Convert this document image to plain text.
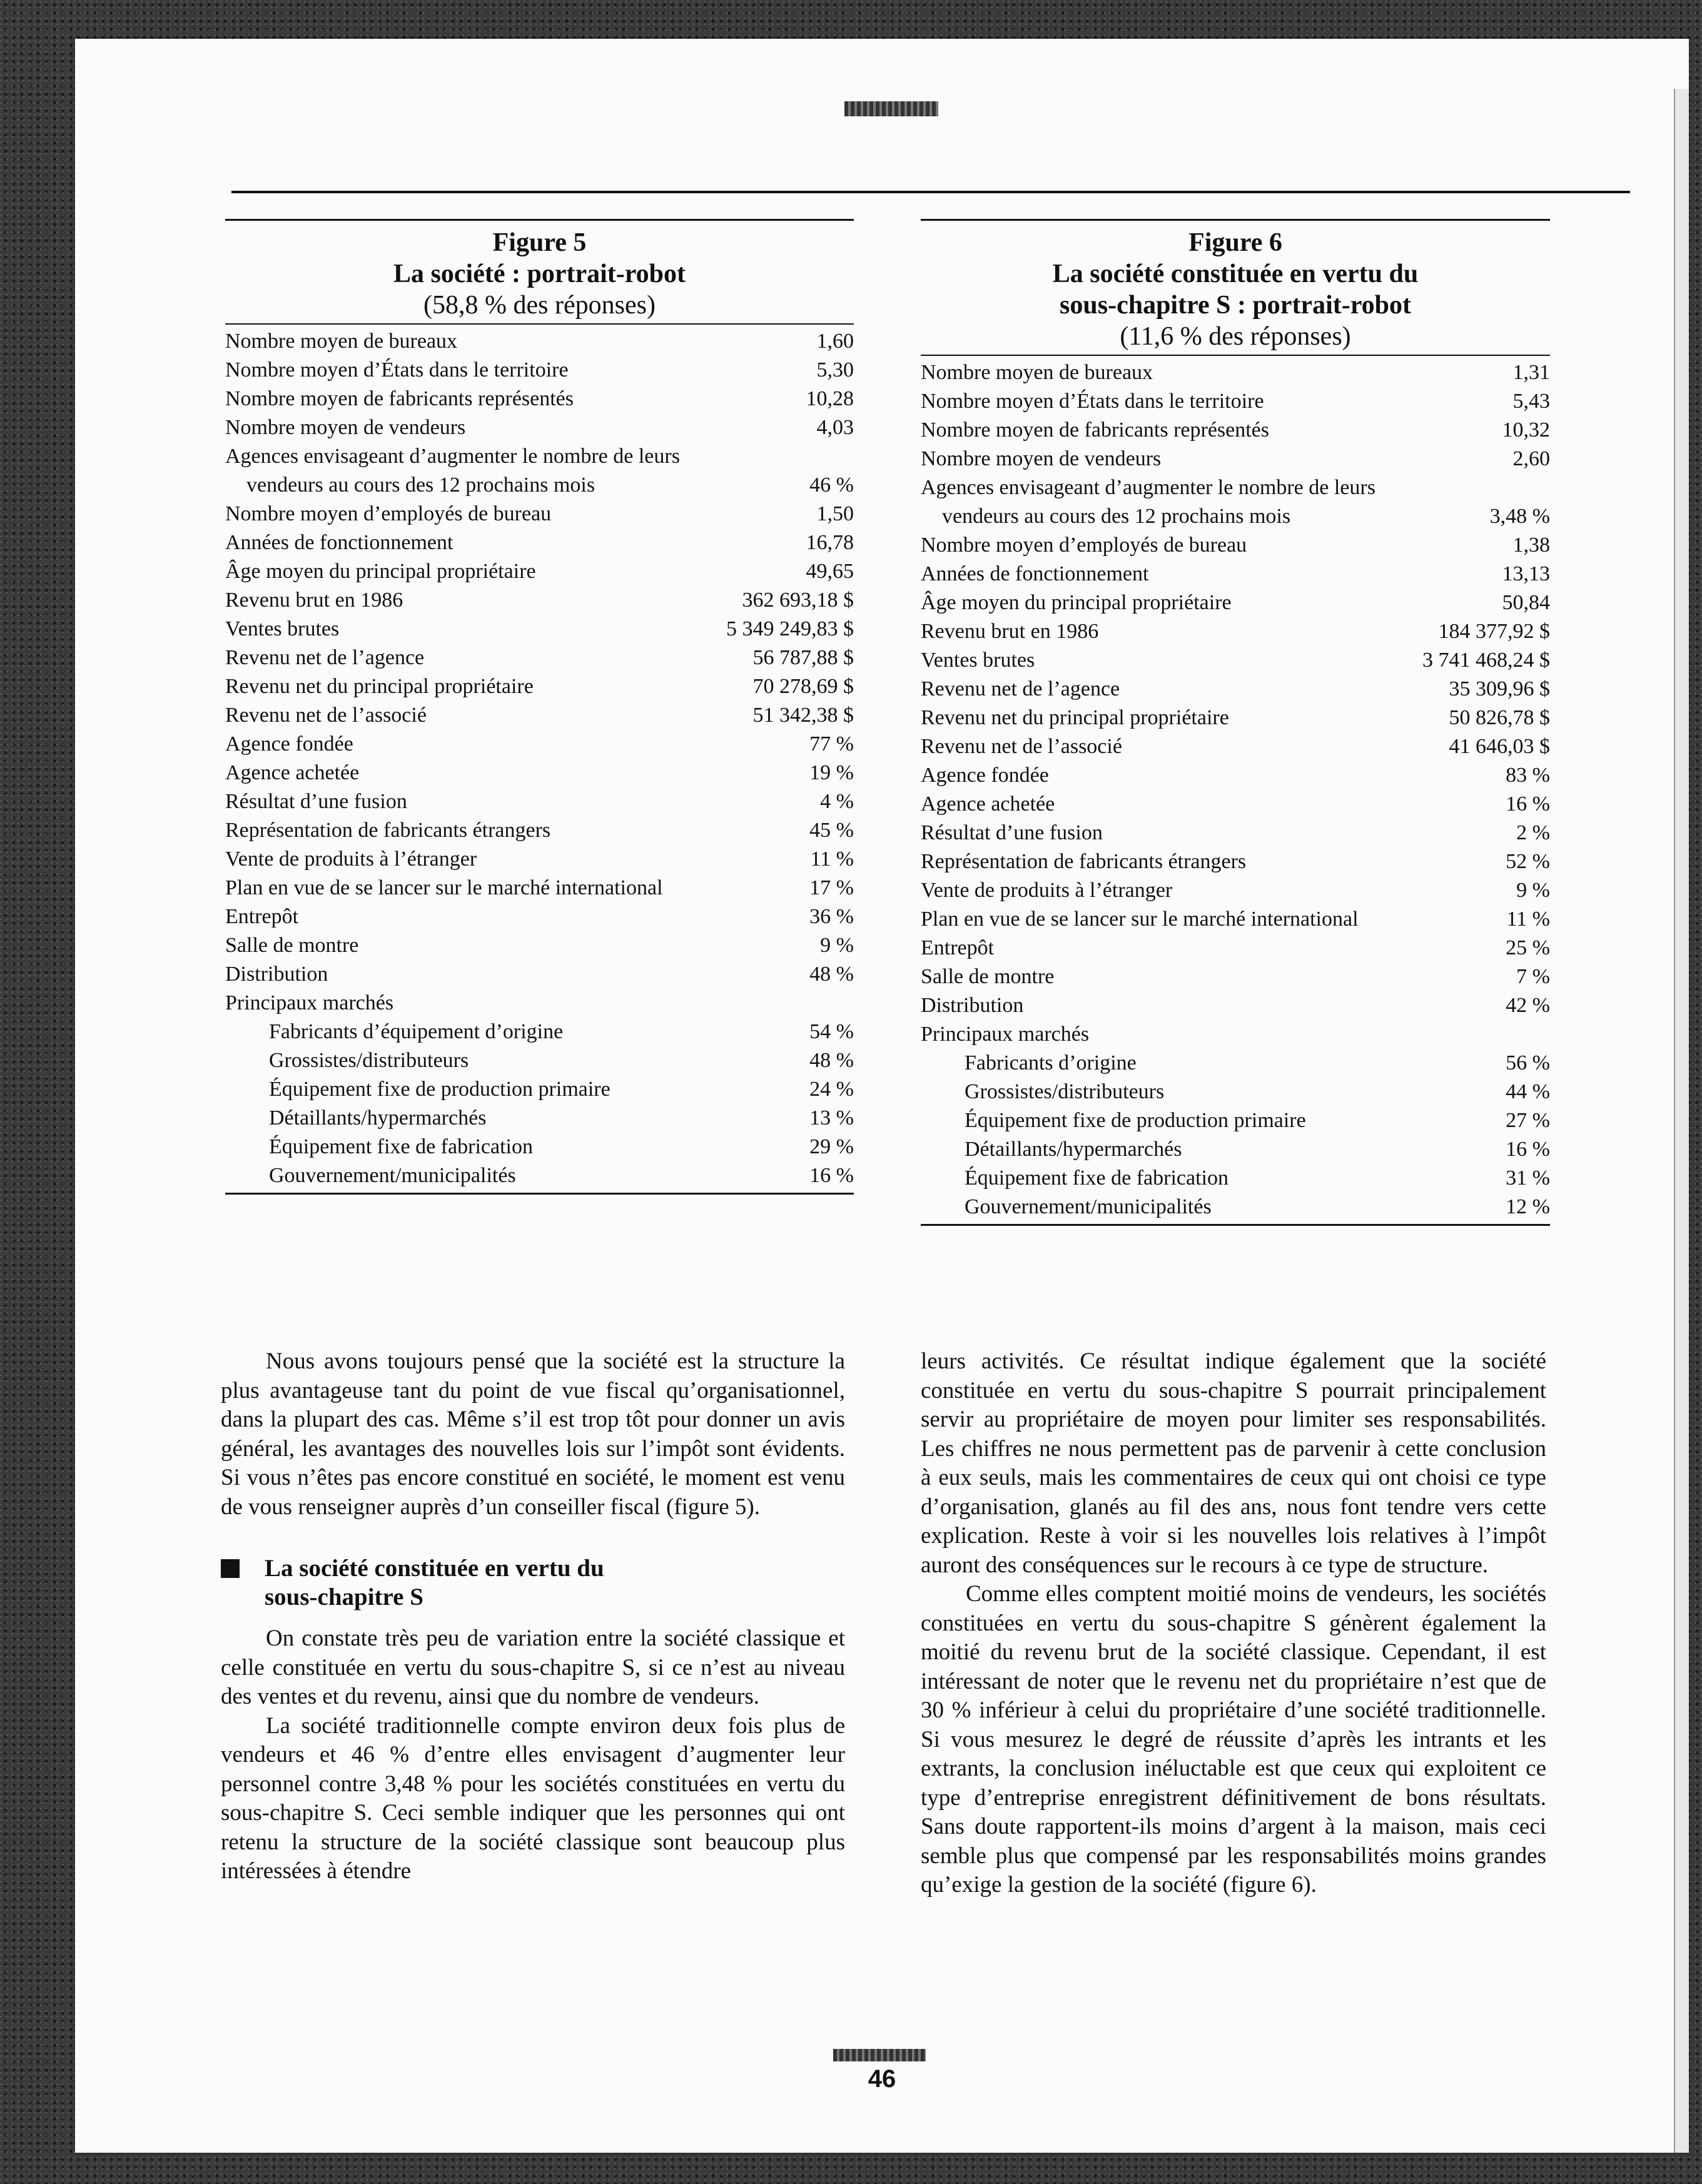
Figure 5
La société : portrait-robot
(58,8 % des réponses)
Nombre moyen de bureaux	1,60
Nombre moyen d’États dans le territoire	5,30
Nombre moyen de fabricants représentés	10,28
Nombre moyen de vendeurs	4,03
Agences envisageant d’augmenter le nombre de leurs	
vendeurs au cours des 12 prochains mois	46 %
Nombre moyen d’employés de bureau	1,50
Années de fonctionnement	16,78
Âge moyen du principal propriétaire	49,65
Revenu brut en 1986	362 693,18 $
Ventes brutes	5 349 249,83 $
Revenu net de l’agence	56 787,88 $
Revenu net du principal propriétaire	70 278,69 $
Revenu net de l’associé	51 342,38 $
Agence fondée	77 %
Agence achetée	19 %
Résultat d’une fusion	4 %
Représentation de fabricants étrangers	45 %
Vente de produits à l’étranger	11 %
Plan en vue de se lancer sur le marché international	17 %
Entrepôt	36 %
Salle de montre	9 %
Distribution	48 %
Principaux marchés	
Fabricants d’équipement d’origine	54 %
Grossistes/distributeurs	48 %
Équipement fixe de production primaire	24 %
Détaillants/hypermarchés	13 %
Équipement fixe de fabrication	29 %
Gouvernement/municipalités	16 %
Figure 6
La société constituée en vertu du
sous-chapitre S : portrait-robot
(11,6 % des réponses)
Nombre moyen de bureaux	1,31
Nombre moyen d’États dans le territoire	5,43
Nombre moyen de fabricants représentés	10,32
Nombre moyen de vendeurs	2,60
Agences envisageant d’augmenter le nombre de leurs	
vendeurs au cours des 12 prochains mois	3,48 %
Nombre moyen d’employés de bureau	1,38
Années de fonctionnement	13,13
Âge moyen du principal propriétaire	50,84
Revenu brut en 1986	184 377,92 $
Ventes brutes	3 741 468,24 $
Revenu net de l’agence	35 309,96 $
Revenu net du principal propriétaire	50 826,78 $
Revenu net de l’associé	41 646,03 $
Agence fondée	83 %
Agence achetée	16 %
Résultat d’une fusion	2 %
Représentation de fabricants étrangers	52 %
Vente de produits à l’étranger	9 %
Plan en vue de se lancer sur le marché international	11 %
Entrepôt	25 %
Salle de montre	7 %
Distribution	42 %
Principaux marchés	
Fabricants d’origine	56 %
Grossistes/distributeurs	44 %
Équipement fixe de production primaire	27 %
Détaillants/hypermarchés	16 %
Équipement fixe de fabrication	31 %
Gouvernement/municipalités	12 %

Nous avons toujours pensé que la société est la structure la plus avantageuse tant du point de vue fiscal qu’organisationnel, dans la plupart des cas. Même s’il est trop tôt pour donner un avis général, les avantages des nouvelles lois sur l’impôt sont évidents. Si vous n’êtes pas encore constitué en société, le moment est venu de vous renseigner auprès d’un conseiller fiscal (figure 5).

La société constituée en vertu du
sous-chapitre S

On constate très peu de variation entre la société classique et celle constituée en vertu du sous-chapitre S, si ce n’est au niveau des ventes et du revenu, ainsi que du nombre de vendeurs.

La société traditionnelle compte environ deux fois plus de vendeurs et 46 % d’entre elles envisagent d’augmenter leur personnel contre 3,48 % pour les sociétés constituées en vertu du sous-chapitre S. Ceci semble indiquer que les personnes qui ont retenu la structure de la société classique sont beaucoup plus intéressées à étendre

leurs activités. Ce résultat indique également que la société constituée en vertu du sous-chapitre S pourrait principalement servir au propriétaire de moyen pour limiter ses responsabilités. Les chiffres ne nous permettent pas de parvenir à cette conclusion à eux seuls, mais les commentaires de ceux qui ont choisi ce type d’organisation, glanés au fil des ans, nous font tendre vers cette explication. Reste à voir si les nouvelles lois relatives à l’impôt auront des conséquences sur le recours à ce type de structure.

Comme elles comptent moitié moins de vendeurs, les sociétés constituées en vertu du sous-chapitre S génèrent également la moitié du revenu brut de la société classique. Cependant, il est intéressant de noter que le revenu net du propriétaire n’est que de 30 % inférieur à celui du propriétaire d’une société traditionnelle. Si vous mesurez le degré de réussite d’après les intrants et les extrants, la conclusion inéluctable est que ceux qui exploitent ce type d’entreprise enregistrent définitivement de bons résultats. Sans doute rapportent-ils moins d’argent à la maison, mais ceci semble plus que compensé par les responsabilités moins grandes qu’exige la gestion de la société (figure 6).

46
